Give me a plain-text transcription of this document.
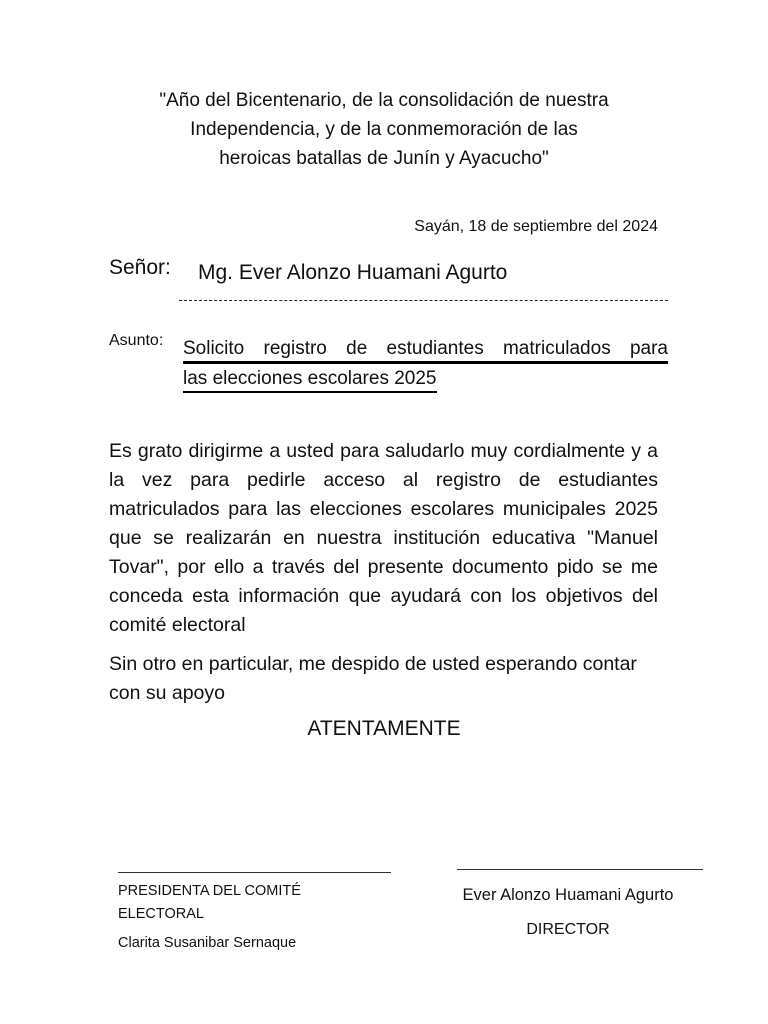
"Año del Bicentenario, de la consolidación de nuestra
Independencia, y de la conmemoración de las
heroicas batallas de Junín y Ayacucho"
Sayán, 18 de septiembre del 2024
Señor: Mg. Ever Alonzo Huamani Agurto
Asunto: Solicito registro de estudiantes matriculados para
las elecciones escolares 2025
Es grato dirigirme a usted para saludarlo muy cordialmente y a la vez para pedirle acceso al registro de estudiantes matriculados para las elecciones escolares municipales 2025 que se realizarán en nuestra institución educativa "Manuel Tovar", por ello a través del presente documento pido se me conceda esta información que ayudará con los objetivos del comité electoral
Sin otro en particular, me despido de usted esperando contar con su apoyo
ATENTAMENTE
PRESIDENTA DEL COMITÉ ELECTORAL
Clarita Susanibar Sernaque
Ever Alonzo Huamani Agurto
DIRECTOR
